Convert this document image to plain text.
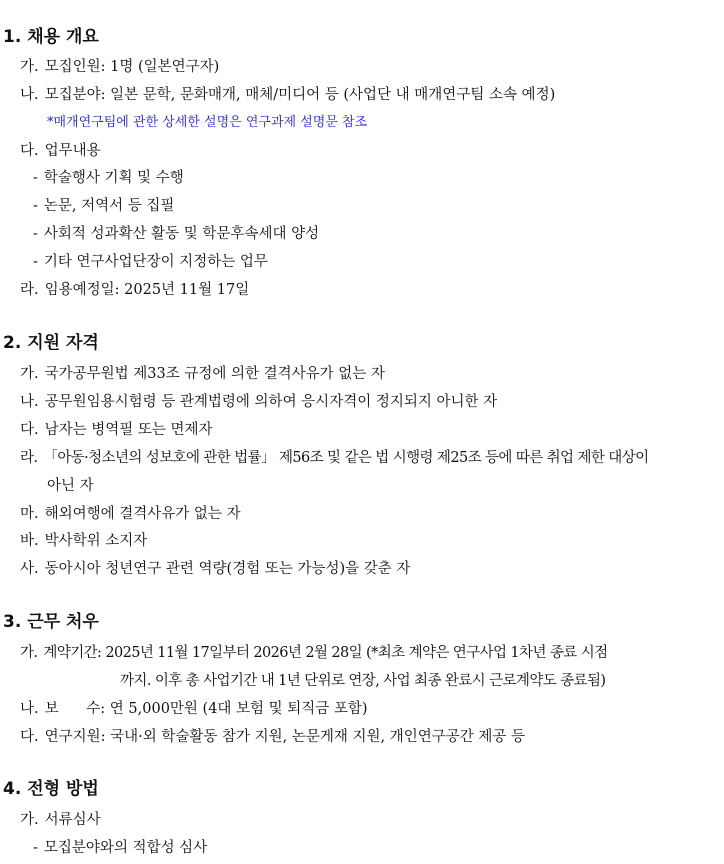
1. 채용 개요
가. 모집인원: 1명 (일본연구자)
나. 모집분야: 일본 문학, 문화매개, 매체/미디어 등 (사업단 내 매개연구팀 소속 예정)
*매개연구팀에 관한 상세한 설명은 연구과제 설명문 참조
다. 업무내용
- 학술행사 기획 및 수행
- 논문, 저역서 등 집필
- 사회적 성과확산 활동 및 학문후속세대 양성
- 기타 연구사업단장이 지정하는 업무
라. 임용예정일: 2025년 11월 17일
2. 지원 자격
가. 국가공무원법 제33조 규정에 의한 결격사유가 없는 자
나. 공무원임용시험령 등 관계법령에 의하여 응시자격이 정지되지 아니한 자
다. 남자는 병역필 또는 면제자
라. 「아동·청소년의 성보호에 관한 법률」 제56조 및 같은 법 시행령 제25조 등에 따른 취업 제한 대상이
아닌 자
마. 해외여행에 결격사유가 없는 자
바. 박사학위 소지자
사. 동아시아 청년연구 관련 역량(경험 또는 가능성)을 갖춘 자
3. 근무 처우
가. 계약기간: 2025년 11월 17일부터 2026년 2월 28일 (*최초 계약은 연구사업 1차년 종료 시점
까지. 이후 총 사업기간 내 1년 단위로 연장, 사업 최종 완료시 근로계약도 종료됨)
나. 보      수: 연 5,000만원 (4대 보험 및 퇴직금 포함)
다. 연구지원: 국내·외 학술활동 참가 지원, 논문게재 지원, 개인연구공간 제공 등
4. 전형 방법
가. 서류심사
- 모집분야와의 적합성 심사
